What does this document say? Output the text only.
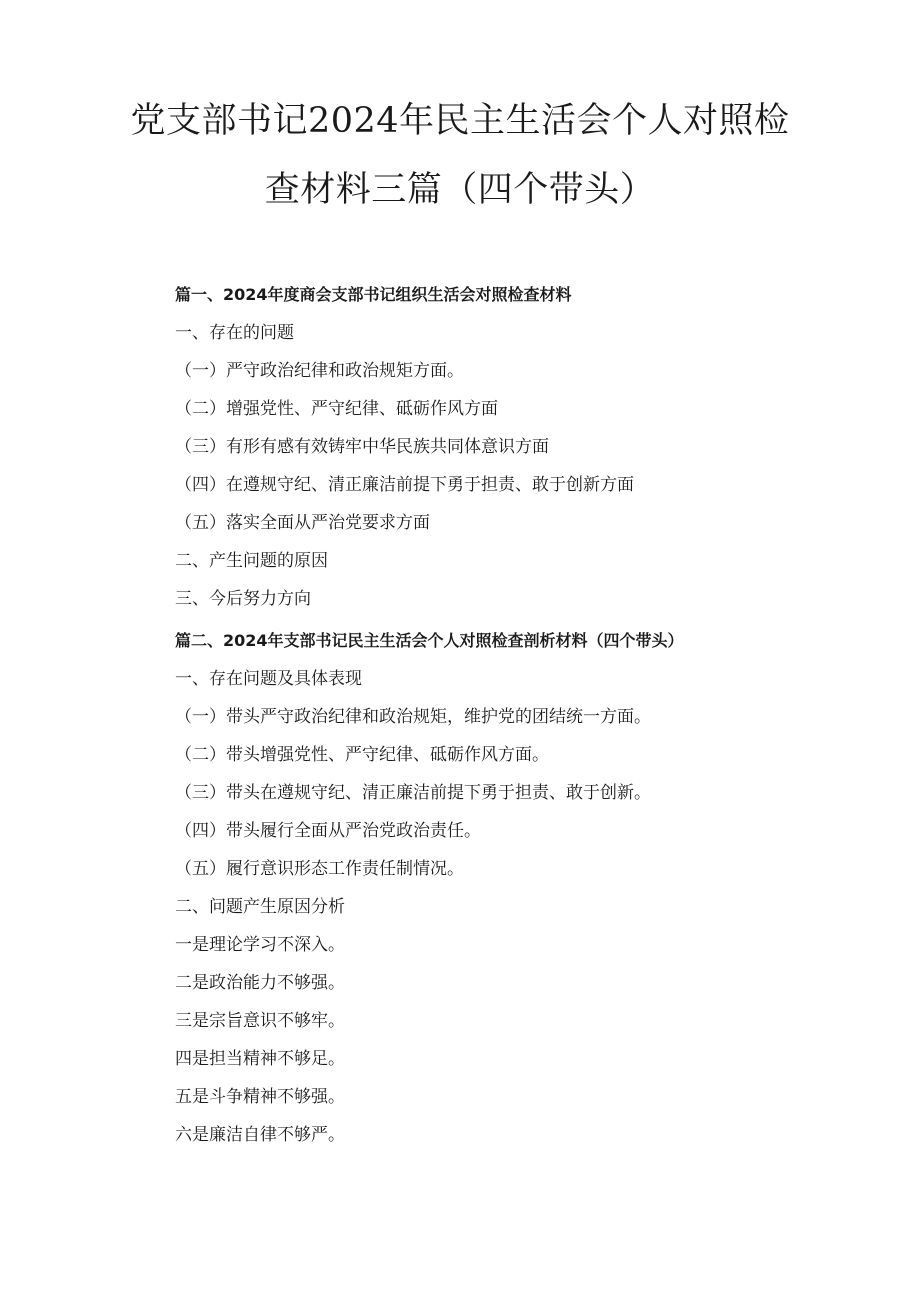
党支部书记2024年民主生活会个人对照检
查材料三篇（四个带头）

篇一、2024年度商会支部书记组织生活会对照检查材料

一、存在的问题

（一）严守政治纪律和政治规矩方面。

（二）增强党性、严守纪律、砥砺作风方面

（三）有形有感有效铸牢中华民族共同体意识方面

（四）在遵规守纪、清正廉洁前提下勇于担责、敢于创新方面

（五）落实全面从严治党要求方面

二、产生问题的原因

三、今后努力方向

篇二、2024年支部书记民主生活会个人对照检查剖析材料（四个带头）

一、存在问题及具体表现

（一）带头严守政治纪律和政治规矩，维护党的团结统一方面。

（二）带头增强党性、严守纪律、砥砺作风方面。

（三）带头在遵规守纪、清正廉洁前提下勇于担责、敢于创新。

（四）带头履行全面从严治党政治责任。

（五）履行意识形态工作责任制情况。

二、问题产生原因分析

一是理论学习不深入。

二是政治能力不够强。

三是宗旨意识不够牢。

四是担当精神不够足。

五是斗争精神不够强。

六是廉洁自律不够严。
